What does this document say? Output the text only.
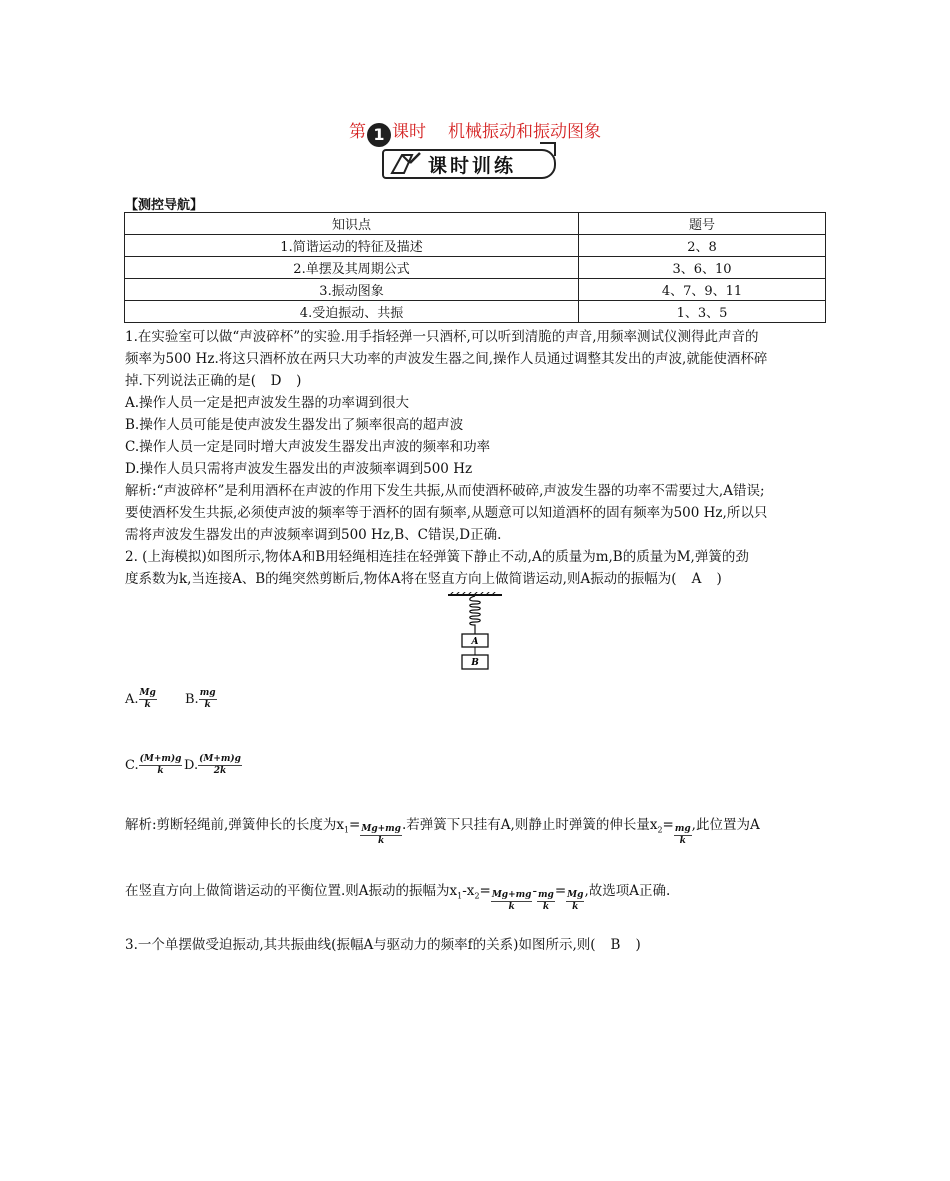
第 1 课时 机械振动和振动图象
课时训练
【测控导航】
知识点	题号
1.简谐运动的特征及描述	2、8
2.单摆及其周期公式	3、6、10
3.振动图象	4、7、9、11
4.受迫振动、共振	1、3、5
1.在实验室可以做“声波碎杯”的实验.用手指轻弹一只酒杯,可以听到清脆的声音,用频率测试仪测得此声音的
频率为500 Hz.将这只酒杯放在两只大功率的声波发生器之间,操作人员通过调整其发出的声波,就能使酒杯碎
掉.下列说法正确的是( D )
A.操作人员一定是把声波发生器的功率调到很大
B.操作人员可能是使声波发生器发出了频率很高的超声波
C.操作人员一定是同时增大声波发生器发出声波的频率和功率
D.操作人员只需将声波发生器发出的声波频率调到500 Hz
解析:“声波碎杯”是利用酒杯在声波的作用下发生共振,从而使酒杯破碎,声波发生器的功率不需要过大,A错误;
要使酒杯发生共振,必须使声波的频率等于酒杯的固有频率,从题意可以知道酒杯的固有频率为500 Hz,所以只
需将声波发生器发出的声波频率调到500 Hz,B、C错误,D正确.
2. (上海模拟)如图所示,物体A和B用轻绳相连挂在轻弹簧下静止不动,A的质量为m,B的质量为M,弹簧的劲
度系数为k,当连接A、B的绳突然剪断后,物体A将在竖直方向上做简谐运动,则A振动的振幅为( A )
A
B
A. $\frac{Mg}{k} B$. $\frac{mg}{k}$
C. $\frac{(M+m)g}{k} D$. $\frac{(M+m)g}{2k}$
解析:剪断轻绳前,弹簧伸长的长度为$x_1= \frac{Mg+mg}{k}$ .若弹簧下只挂有A,则静止时弹簧的伸长量$x_2= \frac{mg}{k}$ ,此位置为A
在竖直方向上做简谐运动的平衡位置.则A振动的振幅为$x_1-x_2= \frac{Mg+mg}{k} - \frac{mg}{k} = \frac{Mg}{k}$ ,故选项A正确.
3.一个单摆做受迫振动,其共振曲线(振幅A与驱动力的频率f的关系)如图所示,则( B )
